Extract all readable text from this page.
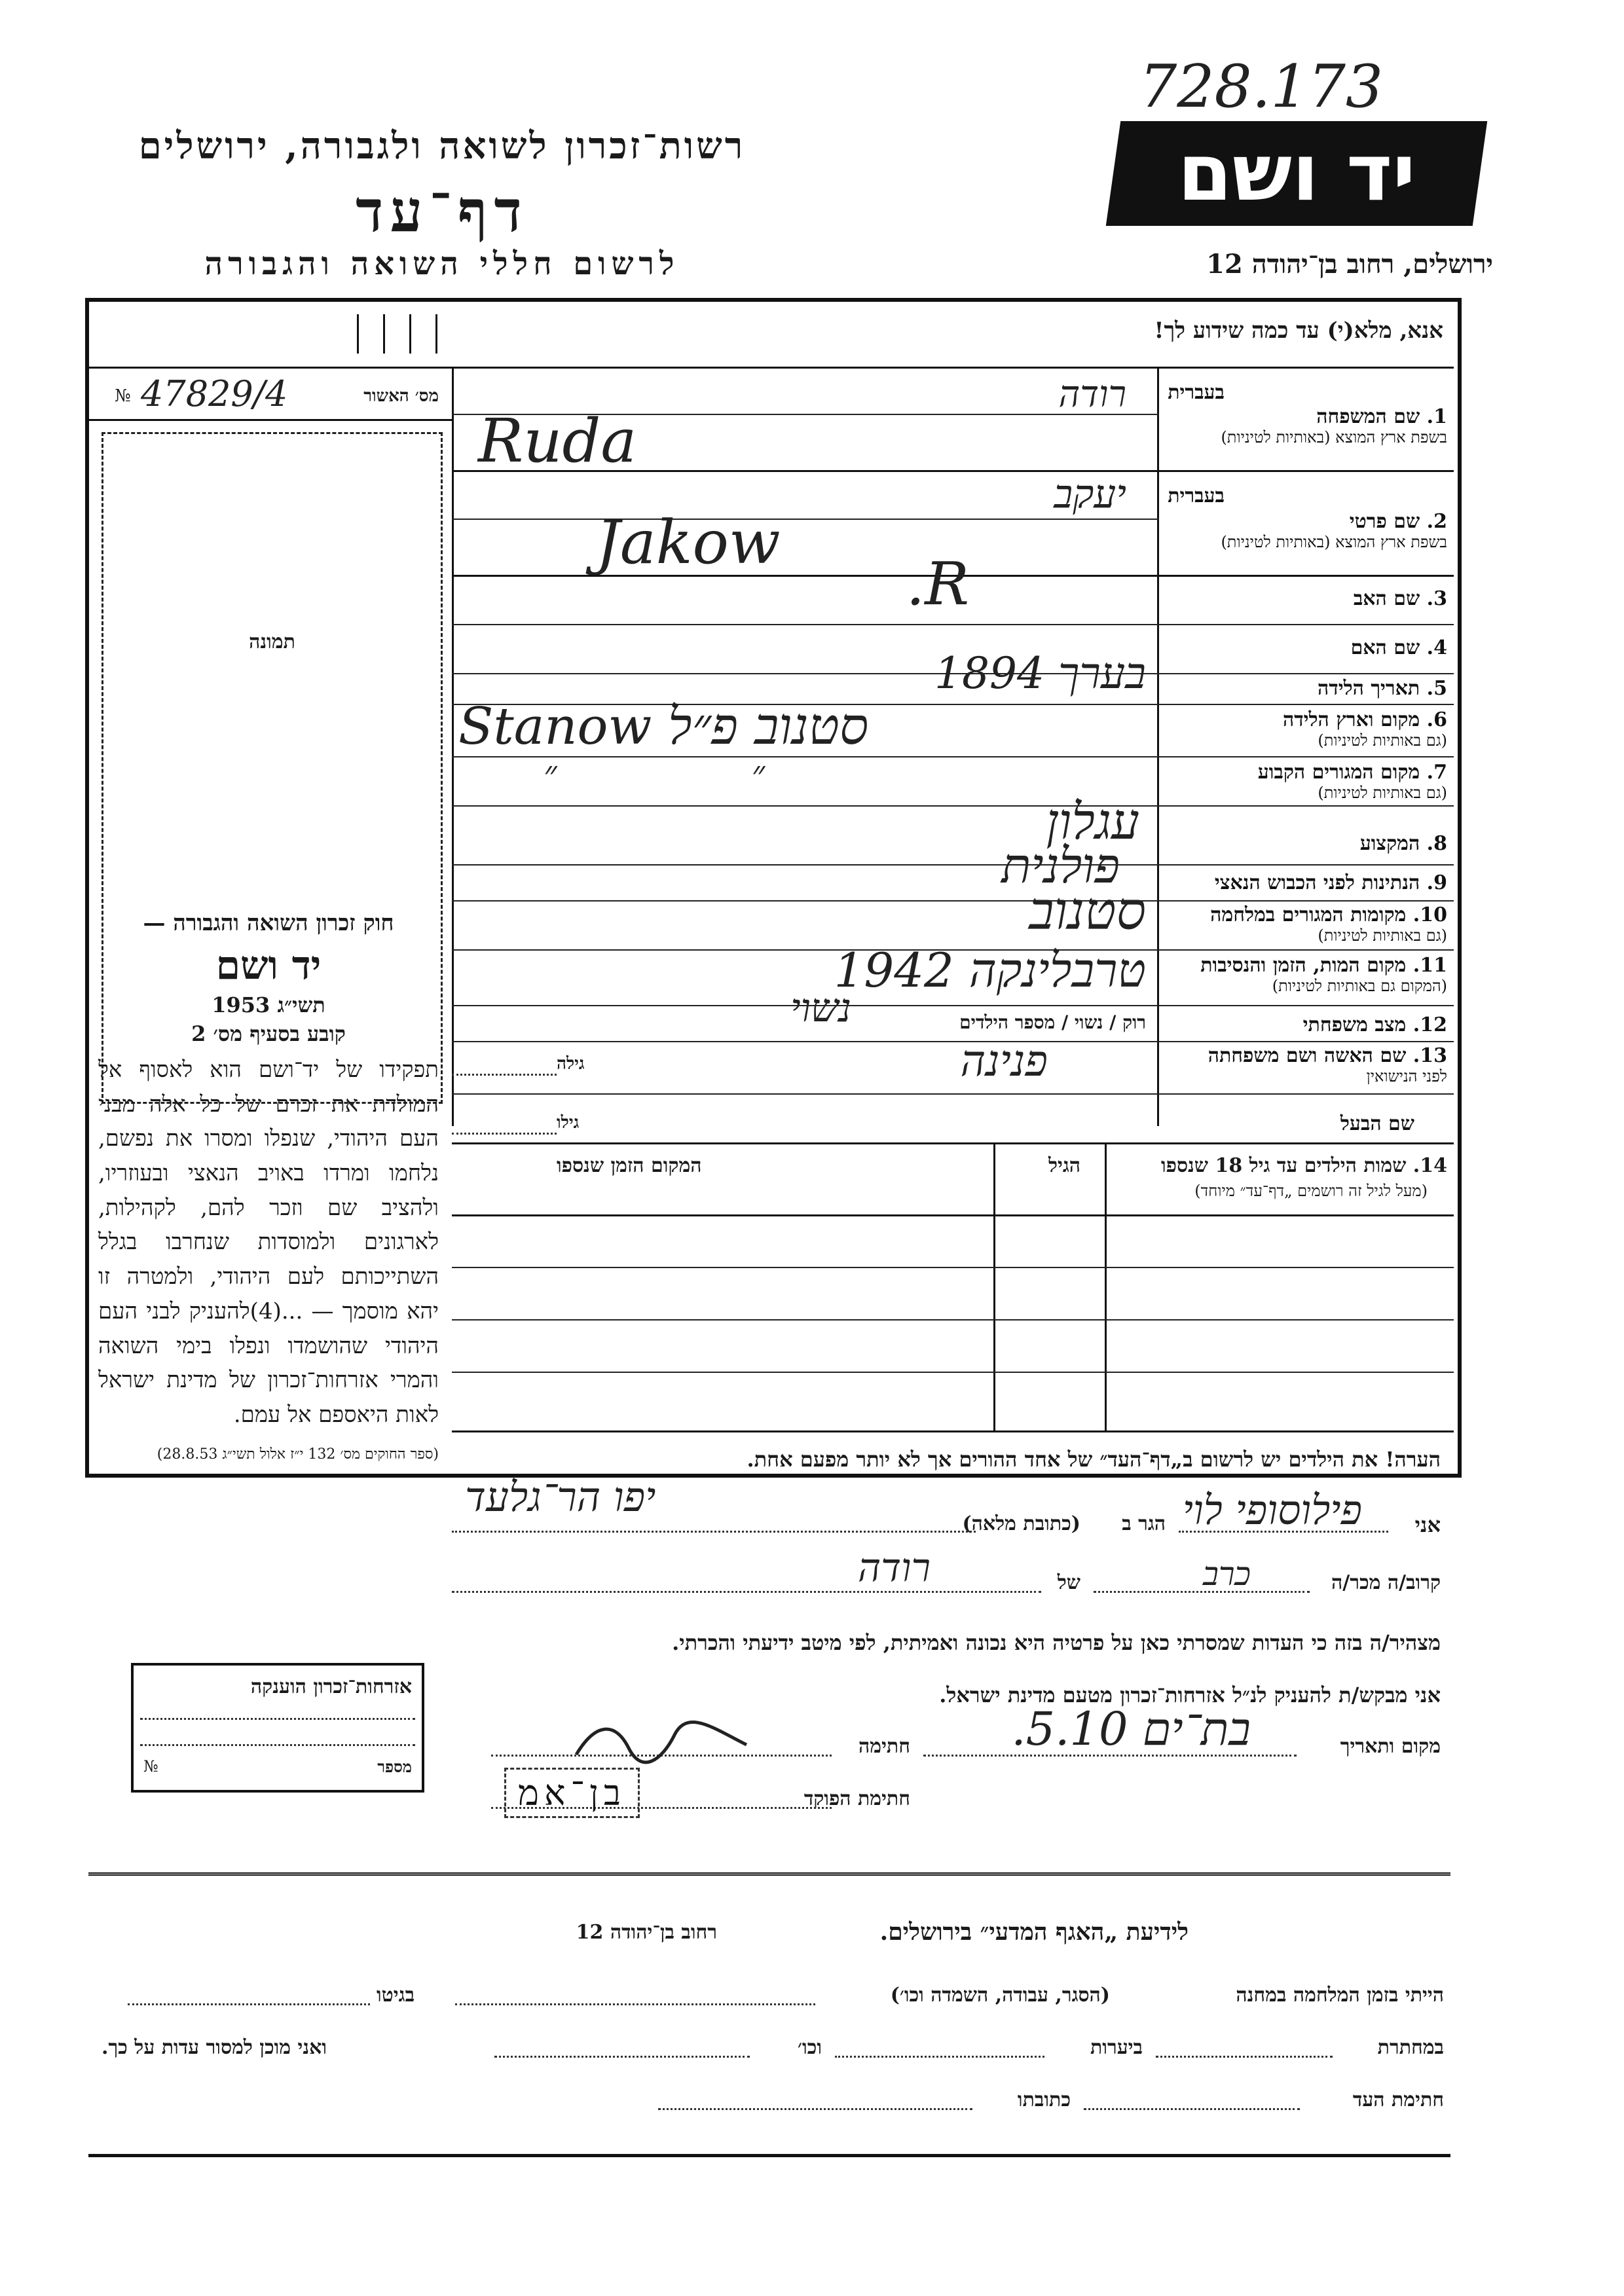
728.173
יד ושם
ירושלים, רחוב בן־יהודה 12
רשות־זכרון לשואה ולגבורה, ירושלים
דף־עד
לרשום חללי השואה והגבורה
אנא, מלא(י) עד כמה שידוע לך!
בעברית
1. שם המשפחה
בשפת ארץ המוצא (באותיות לטיניות)
רודה
Ruda
בעברית
2. שם פרטי
בשפת ארץ המוצא (באותיות לטיניות)
יעקב
Jakow
3. שם האב
R.
4. שם האם
5. תאריך הלידה
בערך 1894
6. מקום וארץ הלידה
(גם באותיות לטיניות)
סטנוב פ״ל Stanow
7. מקום המגורים הקבוע
(גם באותיות לטיניות)
״ ״
8. המקצוע
עגלון
9. הנתינות לפני הכבוש הנאצי
פולנית
10. מקומות המגורים במלחמה
(גם באותיות לטיניות)
סטנוב
11. מקום המות, הזמן והנסיבות
(המקום גם באותיות לטיניות)
טרבלינקה 1942
12. מצב משפחתי
רוק / נשוי / מספר הילדים
נשוי
13. שם האשה ושם משפחתה
לפני הנישואין
פנינה
גילה
שם הבעל
גילו
מס׳ האשור
47829/4
№
תמונה
חוק זכרון השואה והגבורה —
יד ושם
תשי״ג 1953
קובע בסעיף מס׳ 2
תפקידו של יד־ושם הוא לאסוף אל המולדת את זכרם של כל אלה מבני העם היהודי, שנפלו ומסרו את נפשם, נלחמו ומרדו באויב הנאצי ובעוזריו, ולהציב שם וזכר להם, לקהילות, לארגונים ולמוסדות שנחרבו בגלל השתייכותם לעם היהודי, ולמטרה זו יהא מוסמך — ...(4)להעניק לבני העם היהודי שהושמדו ונפלו בימי השואה והמרי אזרחות־זכרון של מדינת ישראל לאות היאספם אל עמם.
(ספר החוקים מס׳ 132 י״ז אלול תשי״ג 28.8.53)
14. שמות הילדים עד גיל 18 שנספו
(מעל לגיל זה רושמים „דף־עד״ מיוחד)
הגיל
המקום הזמן שנספו
הערה! את הילדים יש לרשום ב„דף־העד״ של אחד ההורים אך לא יותר מפעם אחת.
אני
פילוסופי לוי
הגר ב
(כתובת מלאה)
יפו הר־גלעד
קרוב/ה מכר/ה
כרב
של
רודה
מצהיר/ה בזה כי העדות שמסרתי כאן על פרטיה היא נכונה ואמיתית, לפי מיטב ידיעתי והכרתי.
אני מבקש/ת להעניק לנ״ל אזרחות־זכרון מטעם מדינת ישראל.
מקום ותאריך
בת־ים 5.10.
חתימה
חתימת הפוקד
בן־אמ
אזרחות־זכרון הוענקה
מספר
№
לידיעת „האגף המדעי״ בירושלים.
רחוב בן־יהודה 12
הייתי בזמן המלחמה במחנה
(הסגר, עבודה, השמדה וכו׳)
בגיטו
במחתרת
ביערות
וכו׳
ואני מוכן למסור עדות על כך.
חתימת העד
כתובתו
